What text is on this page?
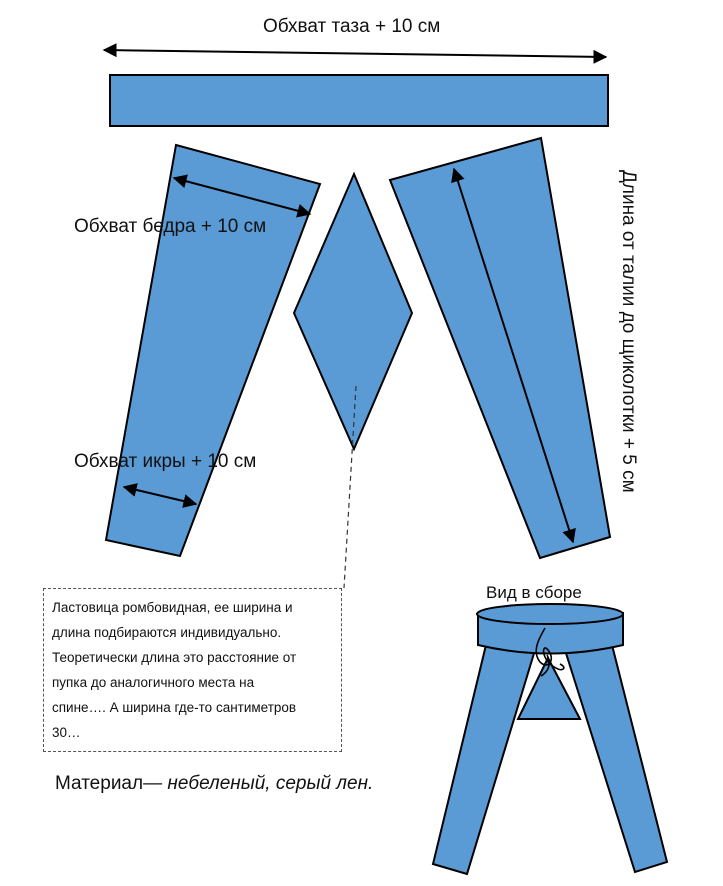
Обхват таза + 10 см
Обхват бедра + 10 см
Обхват икры + 10 см	Длина от талии до щиколотки + 5 см
Вид в сборе

Ластовица ромбовидная, ее ширина и

длина подбираются индивидуально.

Теоретически длина это расстояние от

пупка до аналогичного места на

спине…. А ширина где-то сантиметров

30…

Материал— небеленый, серый лен.
